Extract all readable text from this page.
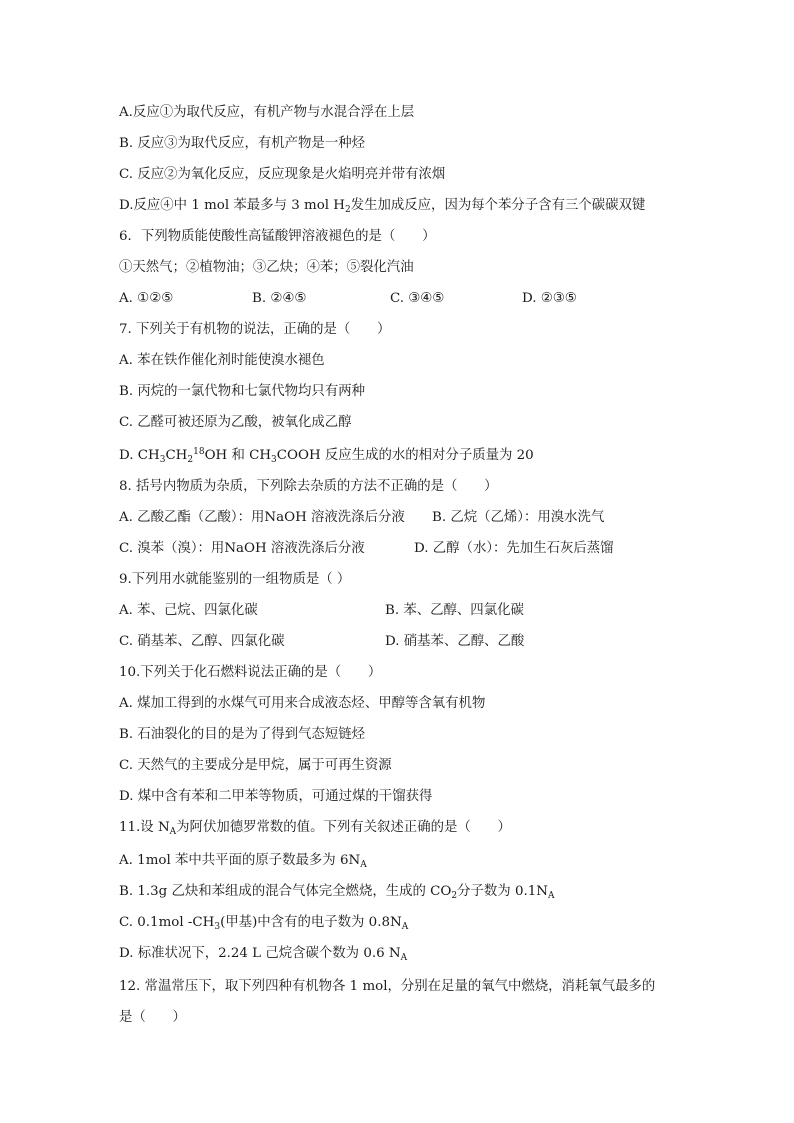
A.反应①为取代反应，有机产物与水混合浮在上层
B. 反应③为取代反应，有机产物是一种烃
C. 反应②为氧化反应，反应现象是火焰明亮并带有浓烟
D.反应④中 1 mol 苯最多与 3 mol $H_2$发生加成反应，因为每个苯分子含有三个碳碳双键
6．下列物质能使酸性高锰酸钾溶液褪色的是（　　）
①天然气；②植物油；③乙炔；④苯；⑤裂化汽油
A. ①②⑤	B. ②④⑤	C. ③④⑤	D. ②③⑤
7. 下列关于有机物的说法，正确的是（　　）
A. 苯在铁作催化剂时能使溴水褪色
B. 丙烷的一氯代物和七氯代物均只有两种
C. 乙醛可被还原为乙酸，被氧化成乙醇
D. $CH_3CH_2^{18}OH$ 和 $CH_3COOH$ 反应生成的水的相对分子质量为 20
8. 括号内物质为杂质，下列除去杂质的方法不正确的是（　　）
A. 乙酸乙酯（乙酸）：用NaOH 溶液洗涤后分液 B. 乙烷（乙烯）：用溴水洗气
C. 溴苯（溴）：用NaOH 溶液洗涤后分液	D. 乙醇（水）：先加生石灰后蒸馏
9.下列用水就能鉴别的一组物质是（ ）
A. 苯、己烷、四氯化碳	B. 苯、乙醇、四氯化碳
C. 硝基苯、乙醇、四氯化碳	D. 硝基苯、乙醇、乙酸
10.下列关于化石燃料说法正确的是（　　）
A. 煤加工得到的水煤气可用来合成液态烃、甲醇等含氧有机物
B. 石油裂化的目的是为了得到气态短链烃
C. 天然气的主要成分是甲烷，属于可再生资源
D. 煤中含有苯和二甲苯等物质，可通过煤的干馏获得
11.设 $N_A$为阿伏加德罗常数的值。下列有关叙述正确的是（　　）
A. 1mol 苯中共平面的原子数最多为 $6N_A$
B. 1.3g 乙炔和苯组成的混合气体完全燃烧，生成的 $CO_2$分子数为 $0.1N_A$
C. 0.1mol $-CH_3$(甲基)中含有的电子数为 $0.8N_A$
D. 标准状况下，2.24 L 己烷含碳个数为 0.6 $N_A$
12. 常温常压下，取下列四种有机物各 1 mol，分别在足量的氧气中燃烧，消耗氧气最多的
是（　　）
